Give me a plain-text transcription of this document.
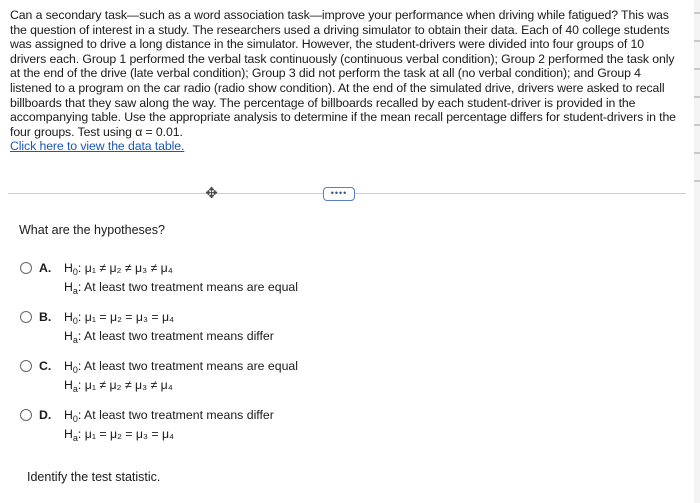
Can a secondary task—such as a word association task—improve your performance when driving while fatigued? This was the question of interest in a study. The researchers used a driving simulator to obtain their data. Each of 40 college students was assigned to drive a long distance in the simulator. However, the student-drivers were divided into four groups of 10 drivers each. Group 1 performed the verbal task continuously (continuous verbal condition); Group 2 performed the task only at the end of the drive (late verbal condition); Group 3 did not perform the task at all (no verbal condition); and Group 4 listened to a program on the car radio (radio show condition). At the end of the simulated drive, drivers were asked to recall billboards that they saw along the way. The percentage of billboards recalled by each student-driver is provided in the accompanying table. Use the appropriate analysis to determine if the mean recall percentage differs for student-drivers in the four groups. Test using α = 0.01.
Click here to view the data table.
✥	••••
What are the hypotheses?
A. $H_0$: μ₁ ≠ μ₂ ≠ μ₃ ≠ μ₄
$H_a$: At least two treatment means are equal
B. $H_0$: μ₁ = μ₂ = μ₃ = μ₄
$H_a$: At least two treatment means differ
C. $H_0$: At least two treatment means are equal
$H_a$: μ₁ ≠ μ₂ ≠ μ₃ ≠ μ₄
D. $H_0$: At least two treatment means differ
$H_a$: μ₁ = μ₂ = μ₃ = μ₄
Identify the test statistic.
